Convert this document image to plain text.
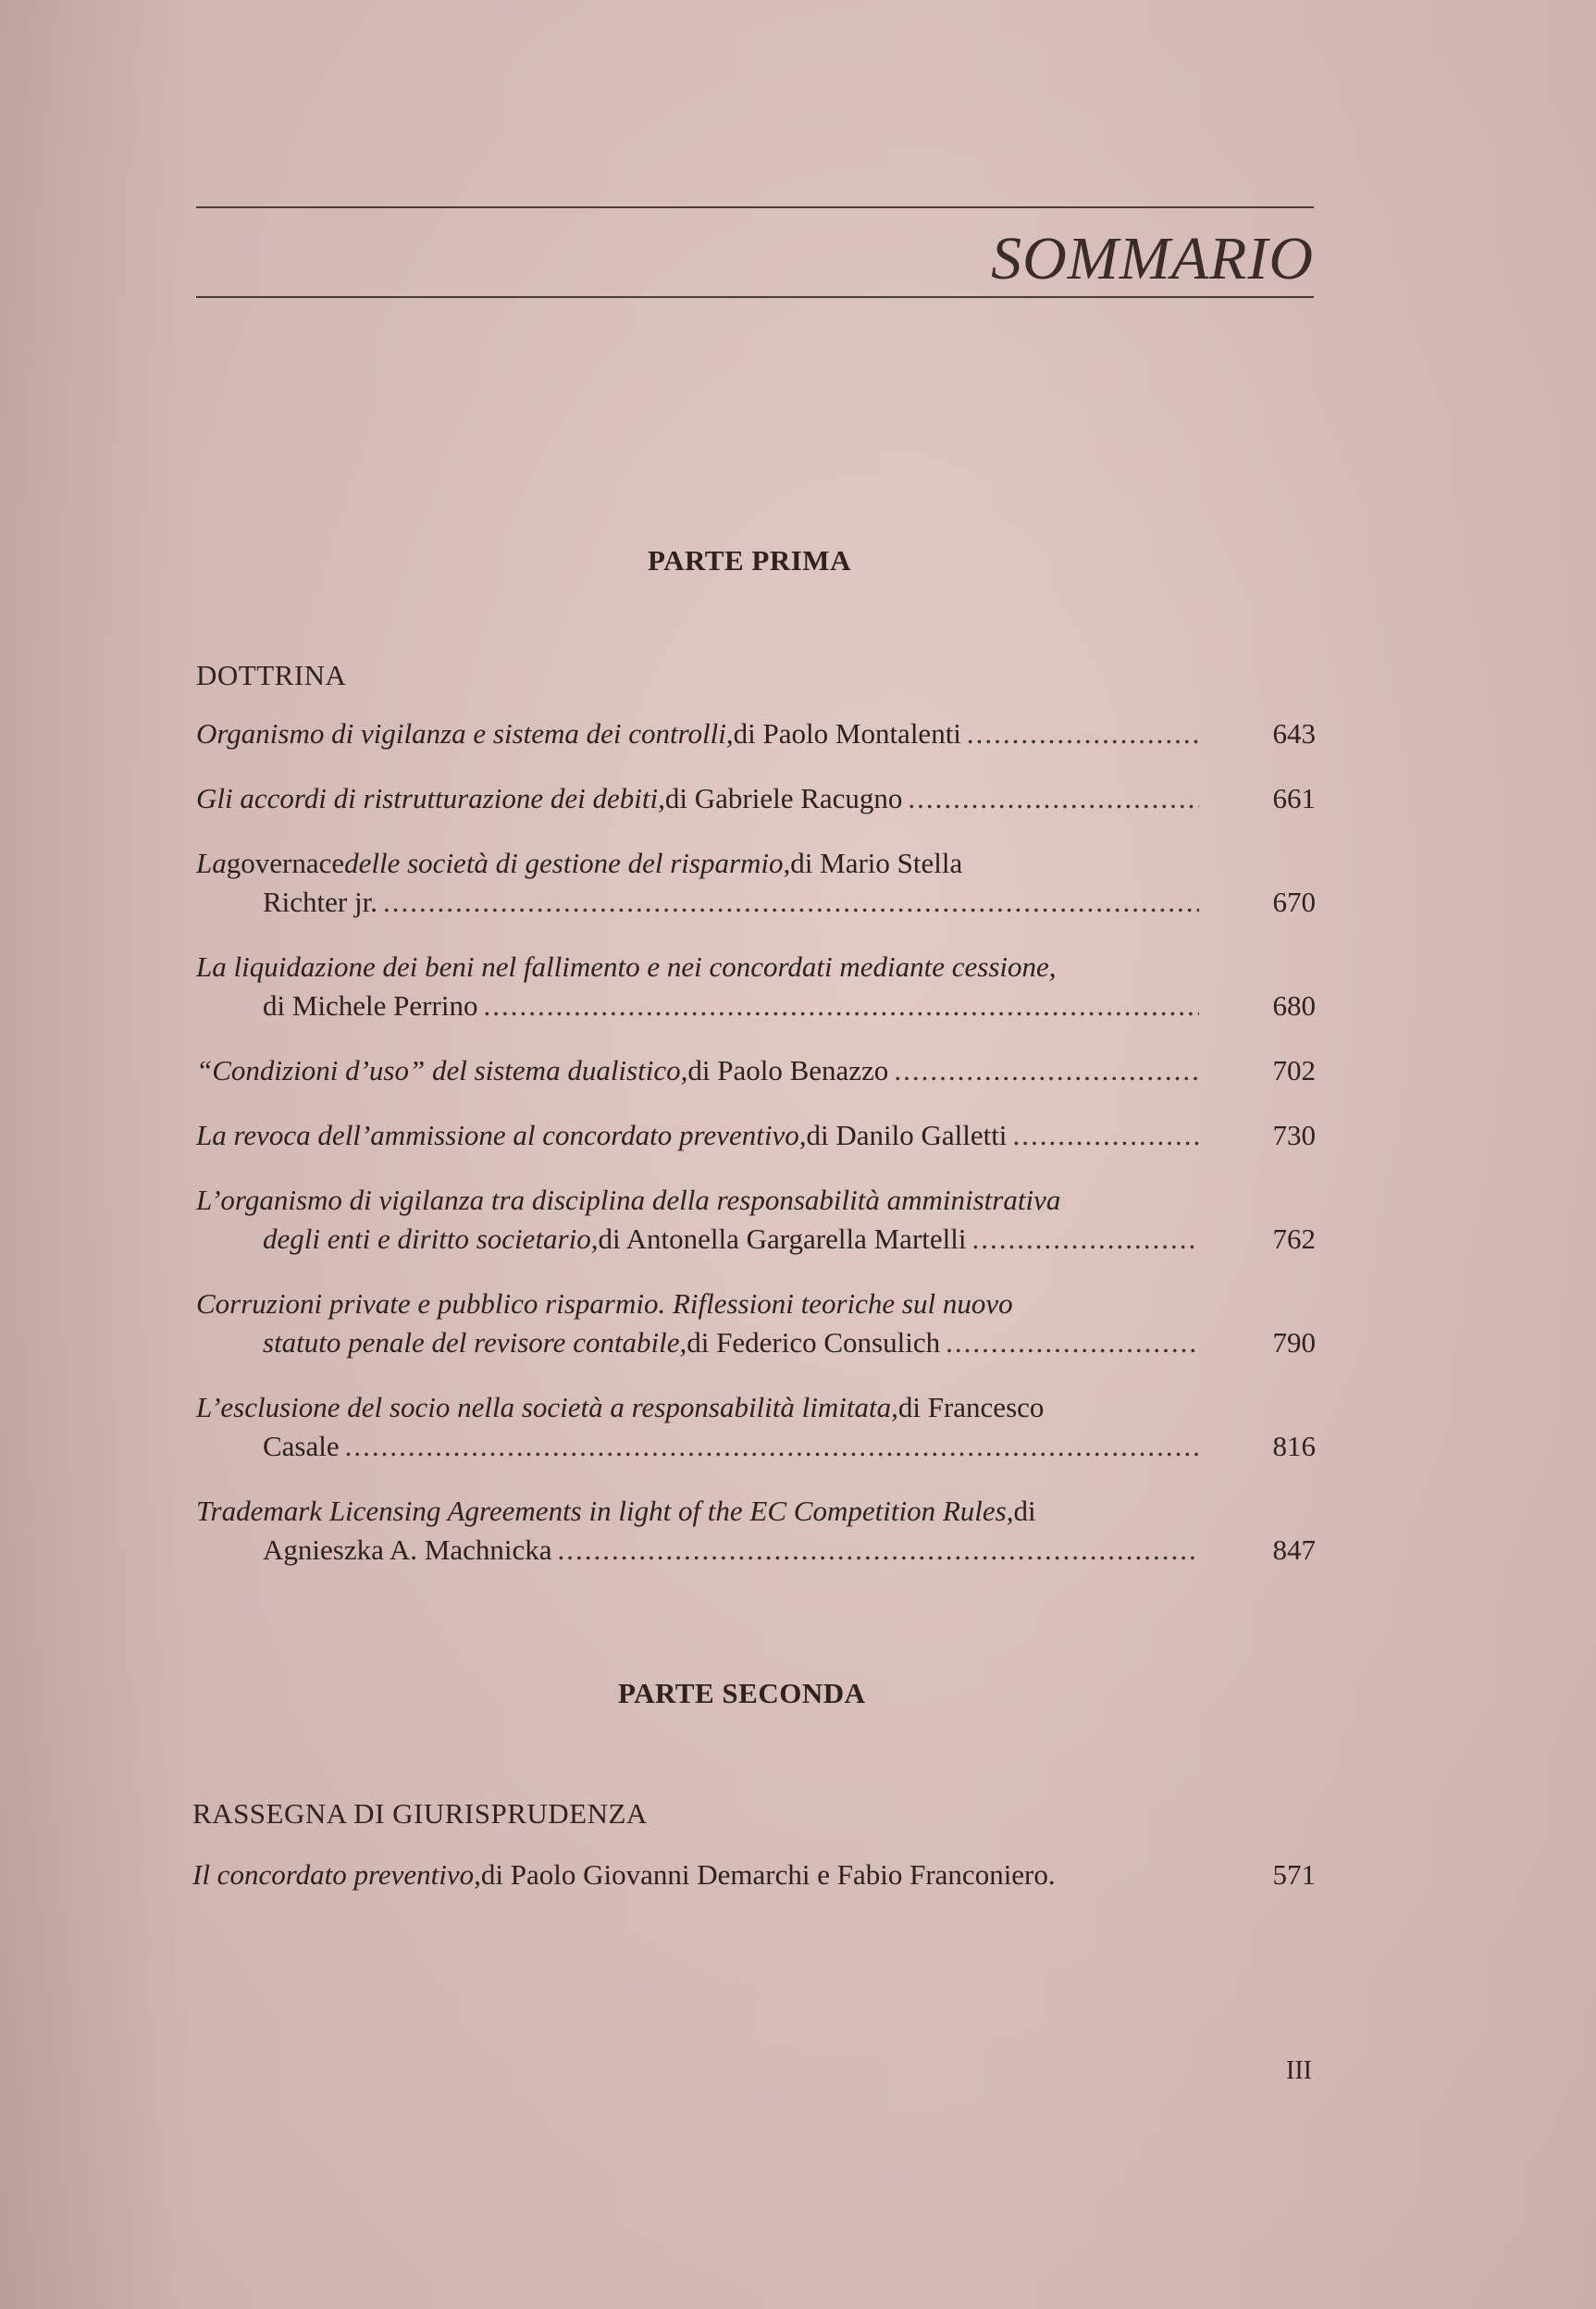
SOMMARIO
PARTE PRIMA
DOTTRINA
Organismo di vigilanza e sistema dei controlli, di Paolo Montalenti .....	643
Gli accordi di ristrutturazione dei debiti, di Gabriele Racugno .....	661
La governace delle società di gestione del risparmio, di Mario Stella
Richter jr. .....	670
La liquidazione dei beni nel fallimento e nei concordati mediante cessione,
di Michele Perrino .....	680
“Condizioni d’uso” del sistema dualistico, di Paolo Benazzo .....	702
La revoca dell’ammissione al concordato preventivo, di Danilo Galletti .....	730
L’organismo di vigilanza tra disciplina della responsabilità amministrativa
degli enti e diritto societario, di Antonella Gargarella Martelli .....	762
Corruzioni private e pubblico risparmio. Riflessioni teoriche sul nuovo
statuto penale del revisore contabile, di Federico Consulich .....	790
L’esclusione del socio nella società a responsabilità limitata, di Francesco
Casale .....	816
Trademark Licensing Agreements in light of the EC Competition Rules, di
Agnieszka A. Machnicka .....	847
PARTE SECONDA
RASSEGNA DI GIURISPRUDENZA
Il concordato preventivo, di Paolo Giovanni Demarchi e Fabio Franconiero.	571
III
